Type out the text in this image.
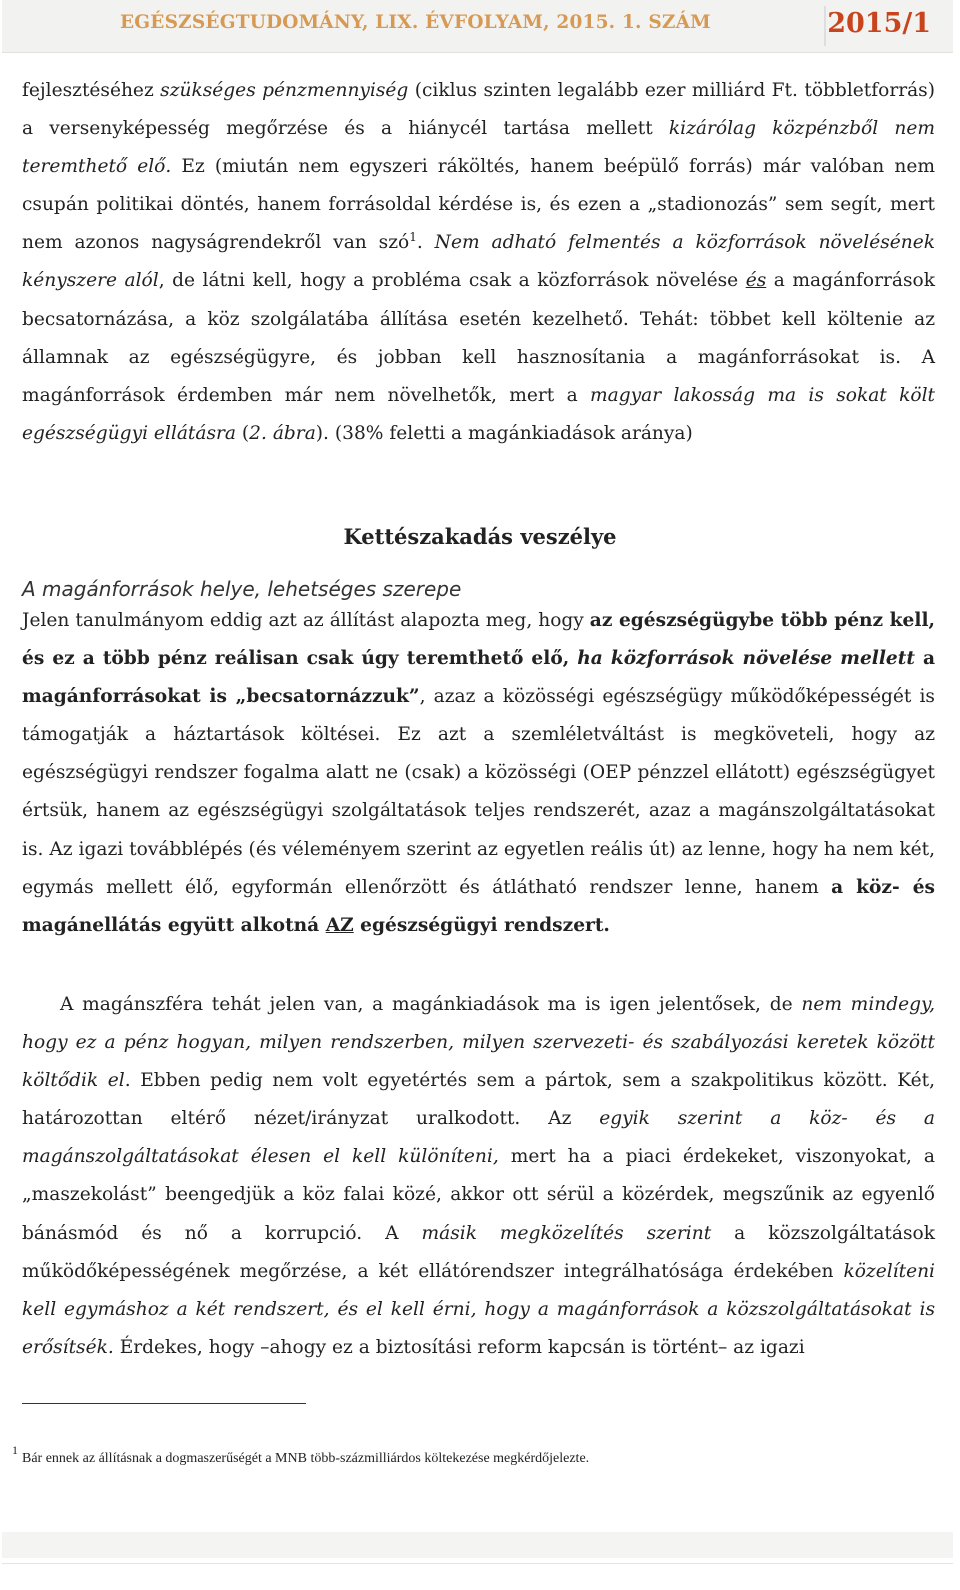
EGÉSZSÉGTUDOMÁNY, LIX. ÉVFOLYAM, 2015. 1. SZÁM	2015/1
fejlesztéséhez szükséges pénzmennyiség (ciklus szinten legalább ezer milliárd Ft. többletforrás) a versenyképesség megőrzése és a hiánycél tartása mellett kizárólag közpénzből nem teremthető elő. Ez (miután nem egyszeri ráköltés, hanem beépülő forrás) már valóban nem csupán politikai döntés, hanem forrásoldal kérdése is, és ezen a „stadionozás” sem segít, mert nem azonos nagyságrendekről van szó$^1$. Nem adható felmentés a közforrások növelésének kényszere alól, de látni kell, hogy a probléma csak a közforrások növelése és a magánforrások becsatornázása, a köz szolgálatába állítása esetén kezelhető. Tehát: többet kell költenie az államnak az egészségügyre, és jobban kell hasznosítania a magánforrásokat is. A magánforrások érdemben már nem növelhetők, mert a magyar lakosság ma is sokat költ egészségügyi ellátásra (2. ábra). (38% feletti a magánkiadások aránya)
Kettészakadás veszélye
A magánforrások helye, lehetséges szerepe
Jelen tanulmányom eddig azt az állítást alapozta meg, hogy az egészségügybe több pénz kell, és ez a több pénz reálisan csak úgy teremthető elő, ha közforrások növelése mellett a magánforrásokat is „becsatornázzuk”, azaz a közösségi egészségügy működőképességét is támogatják a háztartások költései. Ez azt a szemléletváltást is megköveteli, hogy az egészségügyi rendszer fogalma alatt ne (csak) a közösségi (OEP pénzzel ellátott) egészségügyet értsük, hanem az egészségügyi szolgáltatások teljes rendszerét, azaz a magánszolgáltatásokat is. Az igazi továbblépés (és véleményem szerint az egyetlen reális út) az lenne, hogy ha nem két, egymás mellett élő, egyformán ellenőrzött és átlátható rendszer lenne, hanem a köz- és magánellátás együtt alkotná AZ egészségügyi rendszert.
A magánszféra tehát jelen van, a magánkiadások ma is igen jelentősek, de nem mindegy, hogy ez a pénz hogyan, milyen rendszerben, milyen szervezeti- és szabályozási keretek között költődik el. Ebben pedig nem volt egyetértés sem a pártok, sem a szakpolitikus között. Két, határozottan eltérő nézet/irányzat uralkodott. Az egyik szerint a köz- és a magánszolgáltatásokat élesen el kell különíteni, mert ha a piaci érdekeket, viszonyokat, a „maszekolást” beengedjük a köz falai közé, akkor ott sérül a közérdek, megszűnik az egyenlő bánásmód és nő a korrupció. A másik megközelítés szerint a közszolgáltatások működőképességének megőrzése, a két ellátórendszer integrálhatósága érdekében közelíteni kell egymáshoz a két rendszert, és el kell érni, hogy a magánforrások a közszolgáltatásokat is erősítsék. Érdekes, hogy –ahogy ez a biztosítási reform kapcsán is történt– az igazi
$^1$Bár ennek az állításnak a dogmaszerűségét a MNB több-százmilliárdos költekezése megkérdőjelezte.
